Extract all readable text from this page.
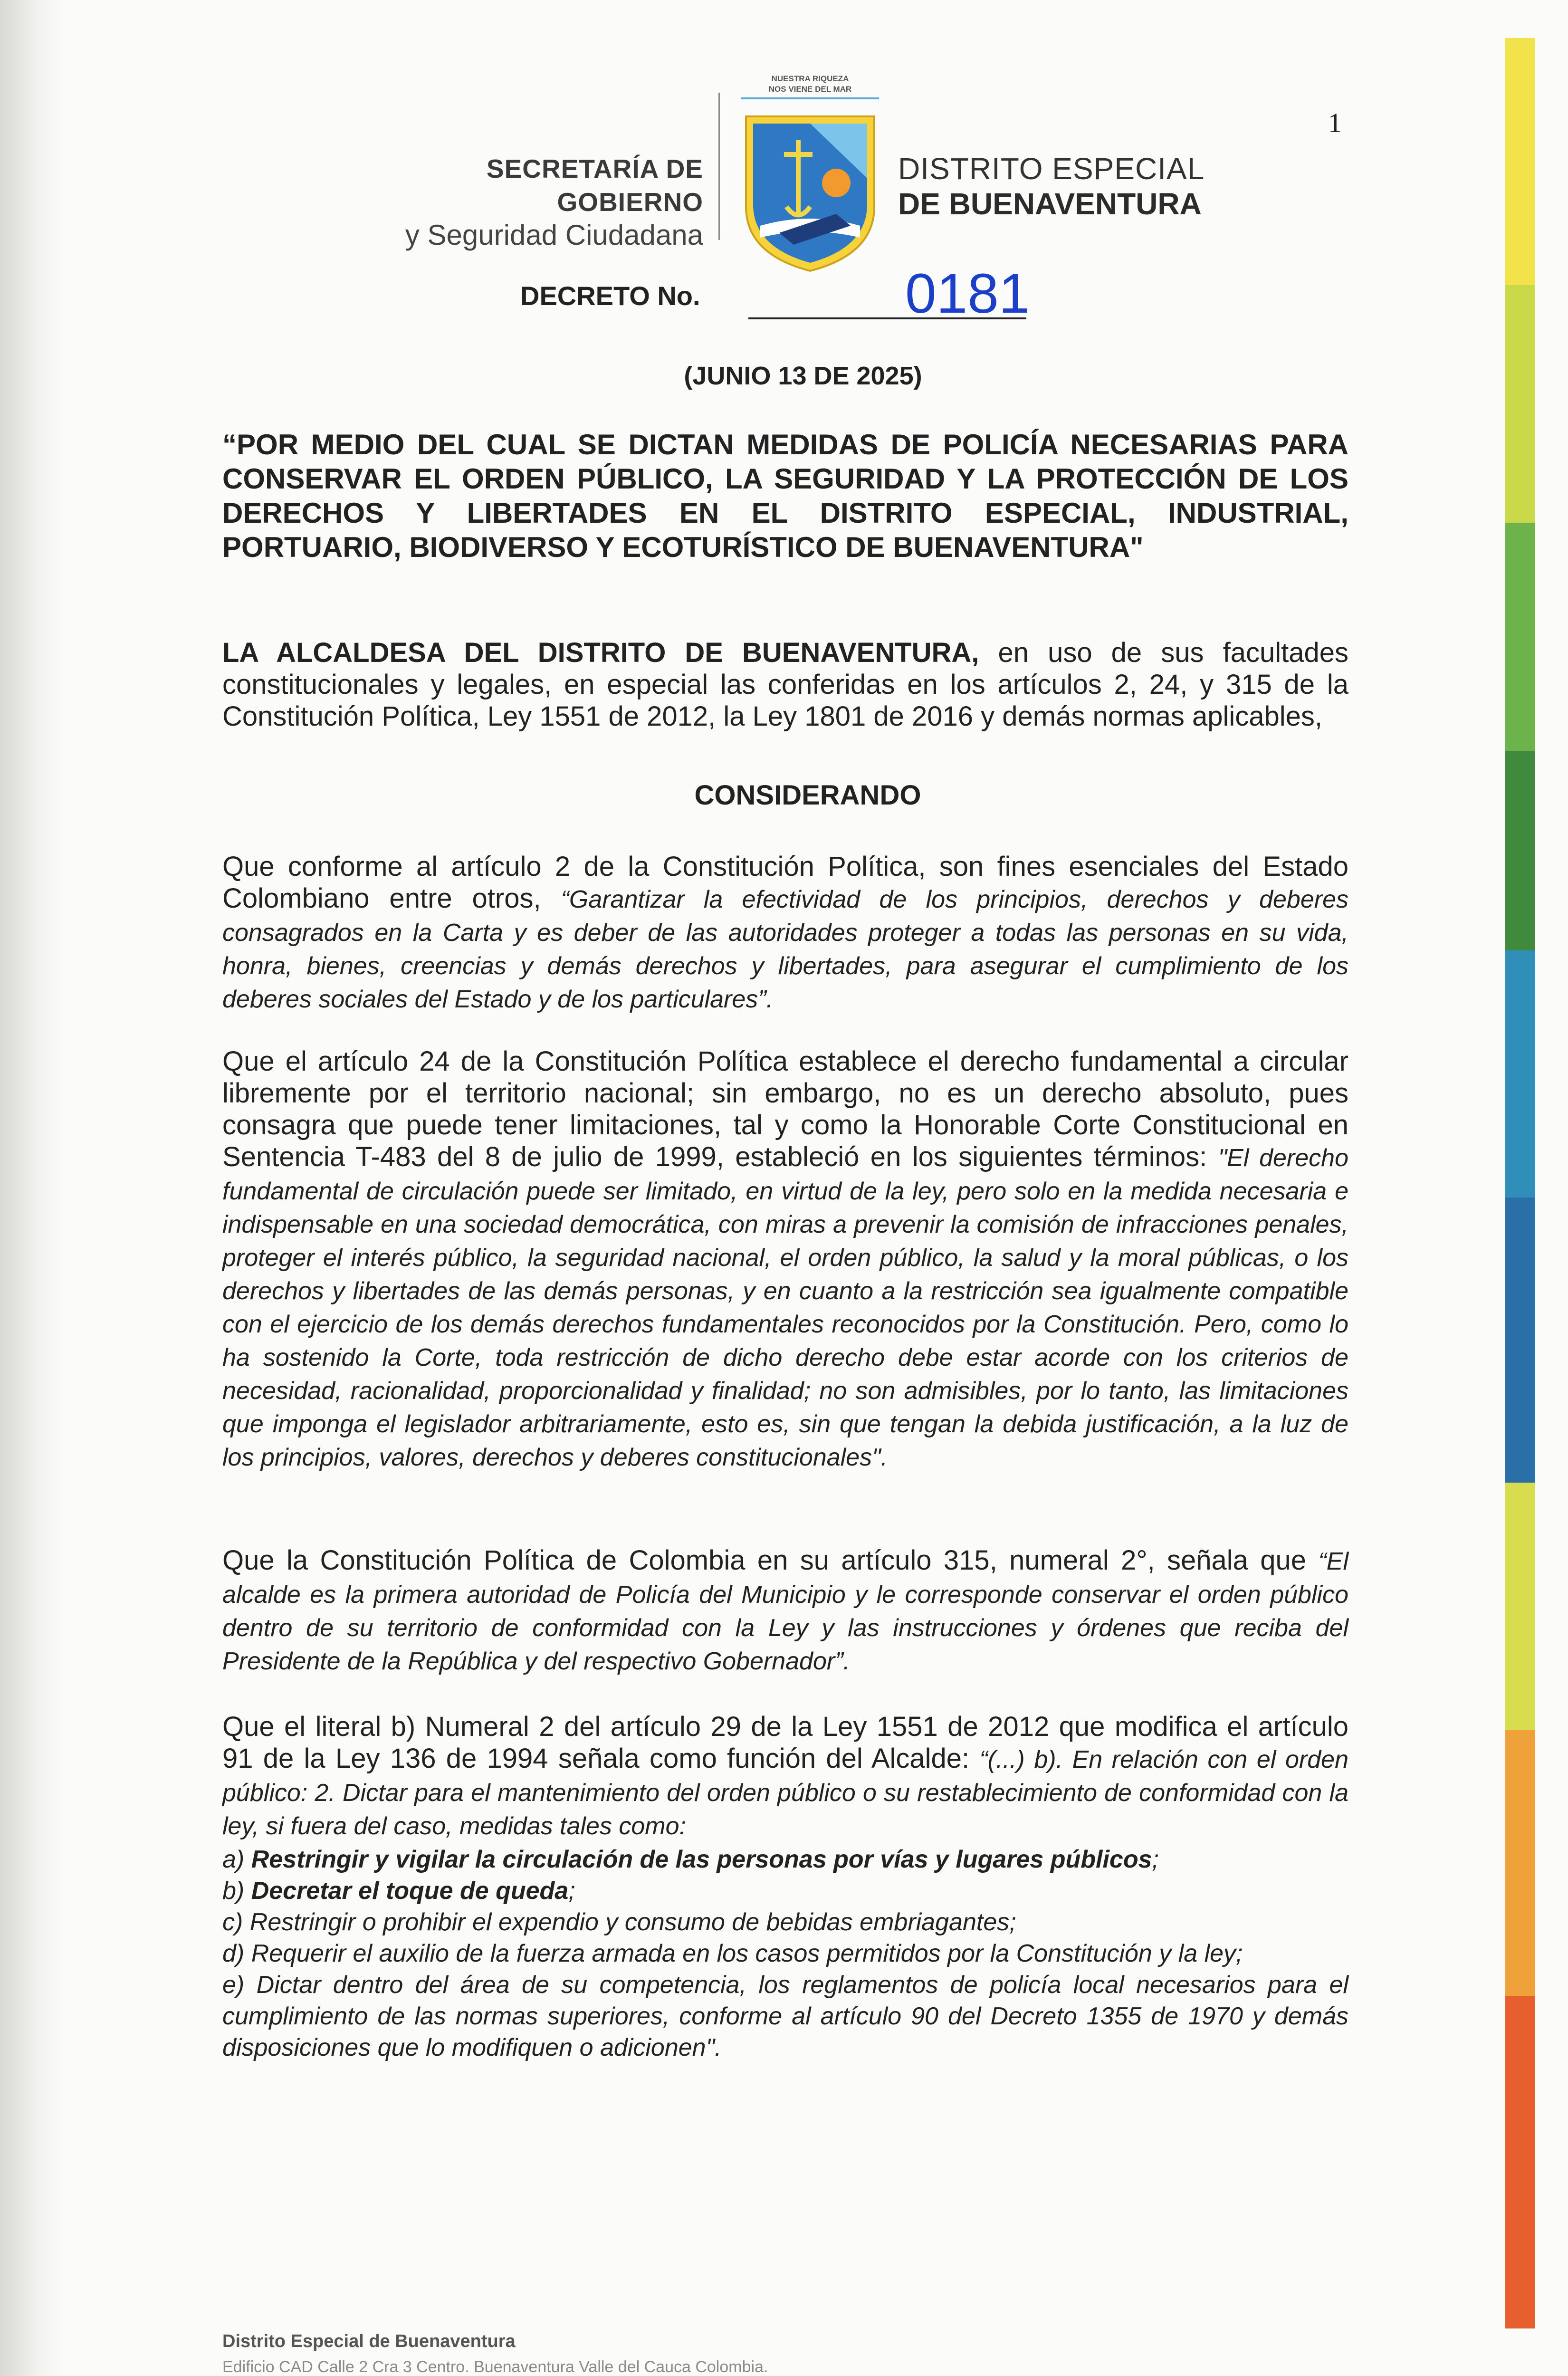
1
SECRETARÍA DE GOBIERNO
y Seguridad Ciudadana
NUESTRA RIQUEZA
NOS VIENE DEL MAR
DISTRITO ESPECIAL
DE BUENAVENTURA
DECRETO No.	0181
(JUNIO 13 DE 2025)
“POR MEDIO DEL CUAL SE DICTAN MEDIDAS DE POLICÍA NECESARIAS PARA CONSERVAR EL ORDEN PÚBLICO, LA SEGURIDAD Y LA PROTECCIÓN DE LOS DERECHOS Y LIBERTADES EN EL DISTRITO ESPECIAL, INDUSTRIAL, PORTUARIO, BIODIVERSO Y ECOTURÍSTICO DE BUENAVENTURA"
LA ALCALDESA DEL DISTRITO DE BUENAVENTURA, en uso de sus facultades constitucionales y legales, en especial las conferidas en los artículos 2, 24, y 315 de la Constitución Política, Ley 1551 de 2012, la Ley 1801 de 2016 y demás normas aplicables,
CONSIDERANDO
Que conforme al artículo 2 de la Constitución Política, son fines esenciales del Estado Colombiano entre otros, “Garantizar la efectividad de los principios, derechos y deberes consagrados en la Carta y es deber de las autoridades proteger a todas las personas en su vida, honra, bienes, creencias y demás derechos y libertades, para asegurar el cumplimiento de los deberes sociales del Estado y de los particulares”.
Que el artículo 24 de la Constitución Política establece el derecho fundamental a circular libremente por el territorio nacional; sin embargo, no es un derecho absoluto, pues consagra que puede tener limitaciones, tal y como la Honorable Corte Constitucional en Sentencia T-483 del 8 de julio de 1999, estableció en los siguientes términos: "El derecho fundamental de circulación puede ser limitado, en virtud de la ley, pero solo en la medida necesaria e indispensable en una sociedad democrática, con miras a prevenir la comisión de infracciones penales, proteger el interés público, la seguridad nacional, el orden público, la salud y la moral públicas, o los derechos y libertades de las demás personas, y en cuanto a la restricción sea igualmente compatible con el ejercicio de los demás derechos fundamentales reconocidos por la Constitución. Pero, como lo ha sostenido la Corte, toda restricción de dicho derecho debe estar acorde con los criterios de necesidad, racionalidad, proporcionalidad y finalidad; no son admisibles, por lo tanto, las limitaciones que imponga el legislador arbitrariamente, esto es, sin que tengan la debida justificación, a la luz de los principios, valores, derechos y deberes constitucionales".
Que la Constitución Política de Colombia en su artículo 315, numeral 2°, señala que “El alcalde es la primera autoridad de Policía del Municipio y le corresponde conservar el orden público dentro de su territorio de conformidad con la Ley y las instrucciones y órdenes que reciba del Presidente de la República y del respectivo Gobernador”.
Que el literal b) Numeral 2 del artículo 29 de la Ley 1551 de 2012 que modifica el artículo 91 de la Ley 136 de 1994 señala como función del Alcalde: “(...) b). En relación con el orden público: 2. Dictar para el mantenimiento del orden público o su restablecimiento de conformidad con la ley, si fuera del caso, medidas tales como:
a) Restringir y vigilar la circulación de las personas por vías y lugares públicos;
b) Decretar el toque de queda;
c) Restringir o prohibir el expendio y consumo de bebidas embriagantes;
d) Requerir el auxilio de la fuerza armada en los casos permitidos por la Constitución y la ley;
e) Dictar dentro del área de su competencia, los reglamentos de policía local necesarios para el cumplimiento de las normas superiores, conforme al artículo 90 del Decreto 1355 de 1970 y demás disposiciones que lo modifiquen o adicionen".
Distrito Especial de Buenaventura
Edificio CAD Calle 2 Cra 3 Centro. Buenaventura Valle del Cauca Colombia.
